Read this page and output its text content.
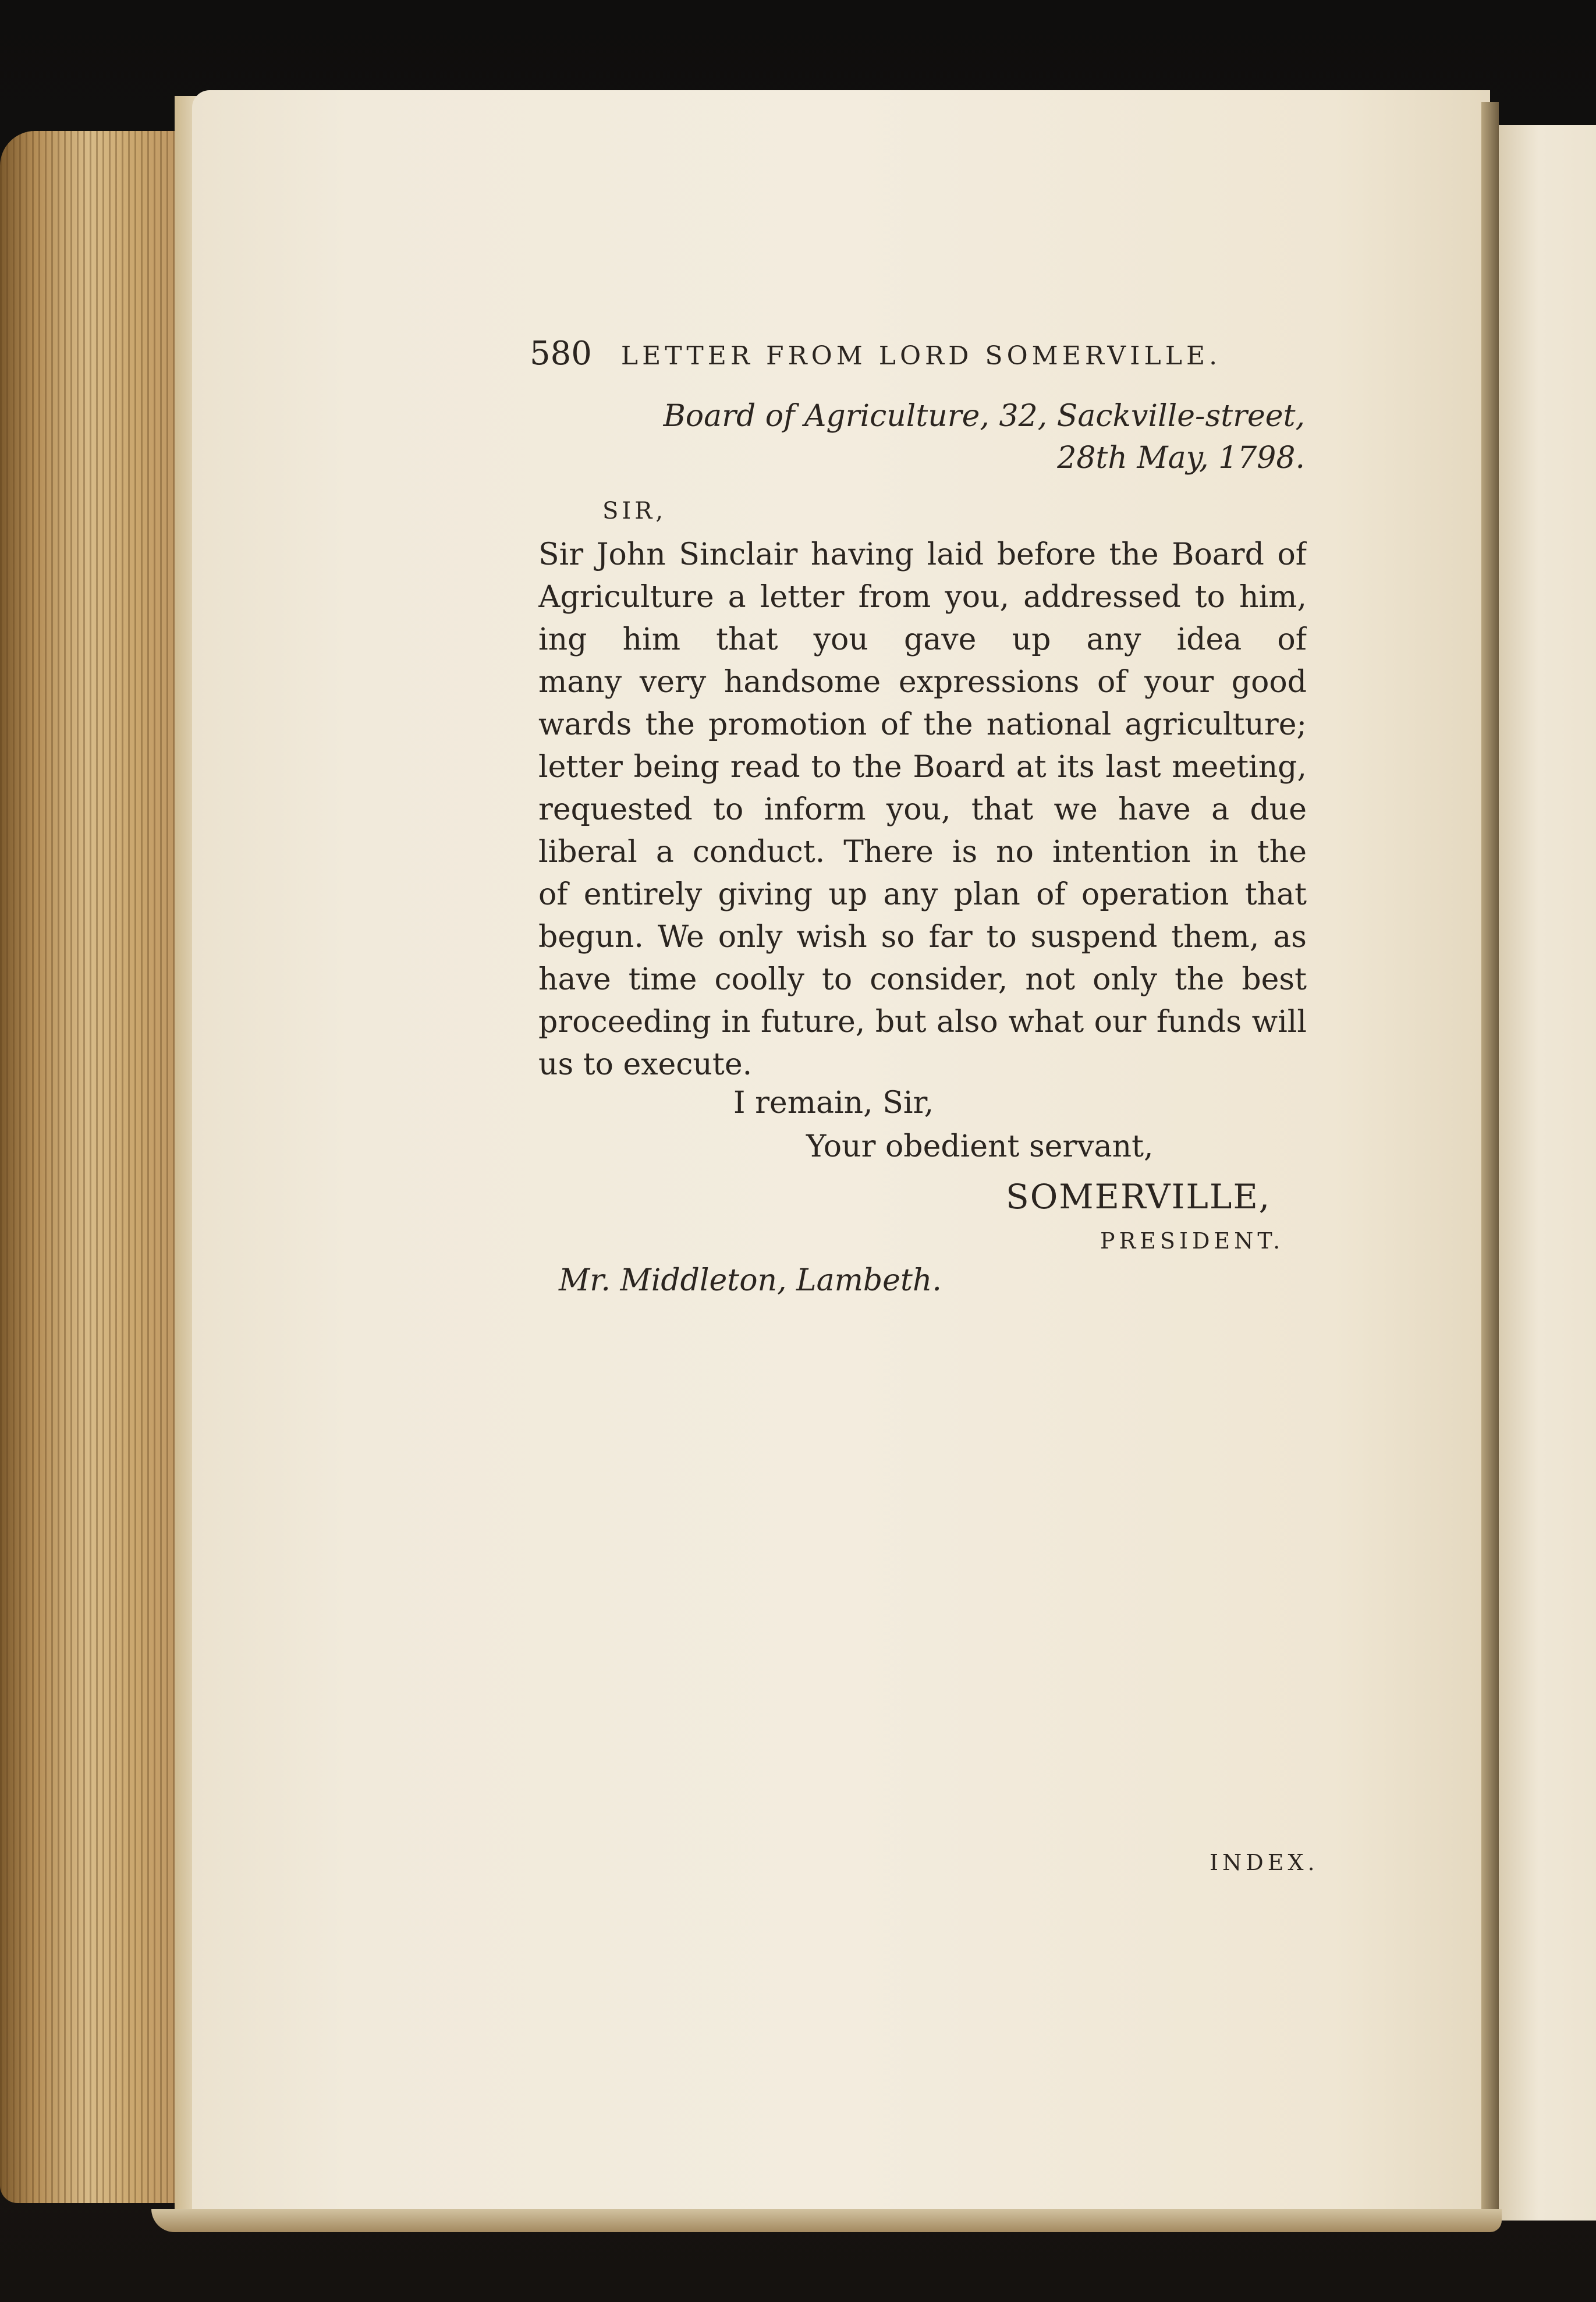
580 LETTER FROM LORD SOMERVILLE.
Board of Agriculture, 32, Sackville-street,
28th May, 1798.
SIR,
Sir John Sinclair having laid before the Board of
Agriculture a letter from you, addressed to him,
ing him that you gave up any idea of
many very handsome expressions of your good
wards the promotion of the national agriculture;
letter being read to the Board at its last meeting,
requested to inform you, that we have a due
liberal a conduct. There is no intention in the
of entirely giving up any plan of operation that
begun. We only wish so far to suspend them, as
have time coolly to consider, not only the best
proceeding in future, but also what our funds will
us to execute.
I remain, Sir,
Your obedient servant,
SOMERVILLE,
PRESIDENT.
Mr. Middleton, Lambeth.
INDEX.
